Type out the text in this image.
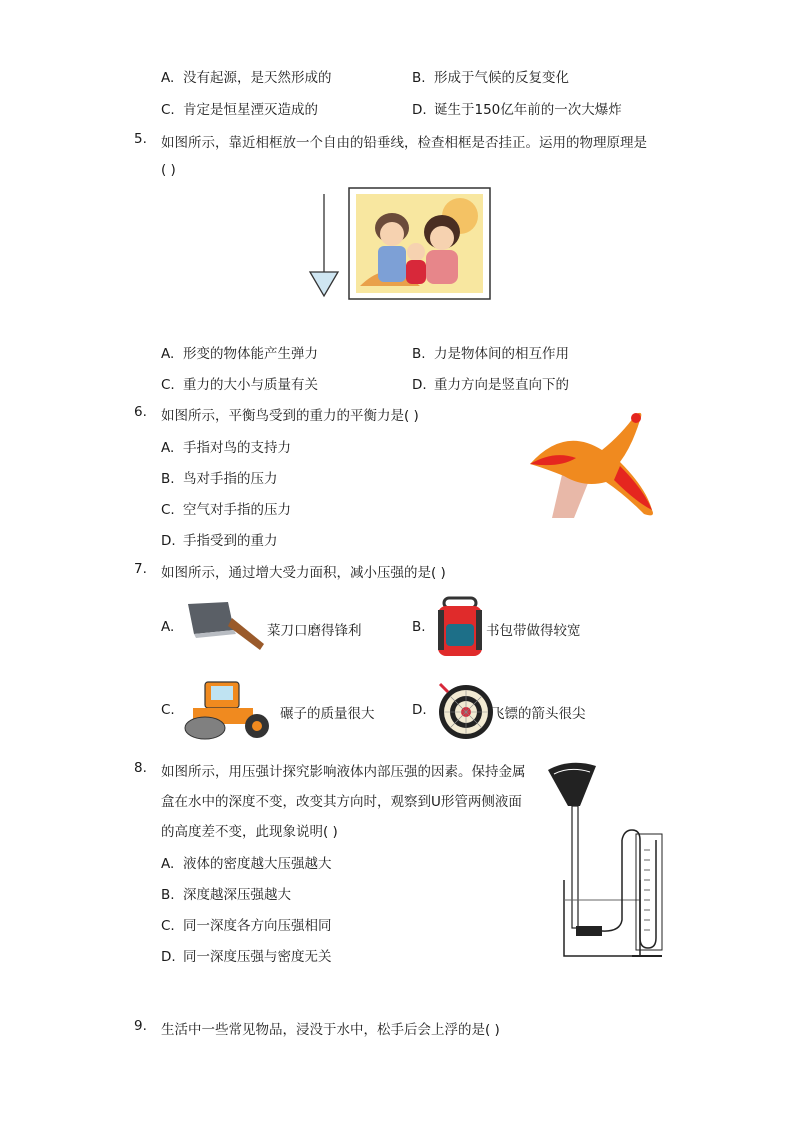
A. 没有起源，是天然形成的	B. 形成于气候的反复变化
C. 肯定是恒星湮灭造成的	D. 诞生于150亿年前的一次大爆炸
5. 如图所示，靠近相框放一个自由的铅垂线，检查相框是否挂正。运用的物理原理是
( )
A. 形变的物体能产生弹力	B. 力是物体间的相互作用
C. 重力的大小与质量有关	D. 重力方向是竖直向下的
6. 如图所示，平衡鸟受到的重力的平衡力是( )
A. 手指对鸟的支持力
B. 鸟对手指的压力
C. 空气对手指的压力
D. 手指受到的重力
7. 如图所示，通过增大受力面积，减小压强的是( )
A.	菜刀口磨得锋利	B.	书包带做得较宽
C.	碾子的质量很大	D.	飞镖的箭头很尖
8. 如图所示，用压强计探究影响液体内部压强的因素。保持金属
盒在水中的深度不变，改变其方向时，观察到U形管两侧液面
的高度差不变，此现象说明( )
A. 液体的密度越大压强越大
B. 深度越深压强越大
C. 同一深度各方向压强相同
D. 同一深度压强与密度无关
9. 生活中一些常见物品，浸没于水中，松手后会上浮的是( )
